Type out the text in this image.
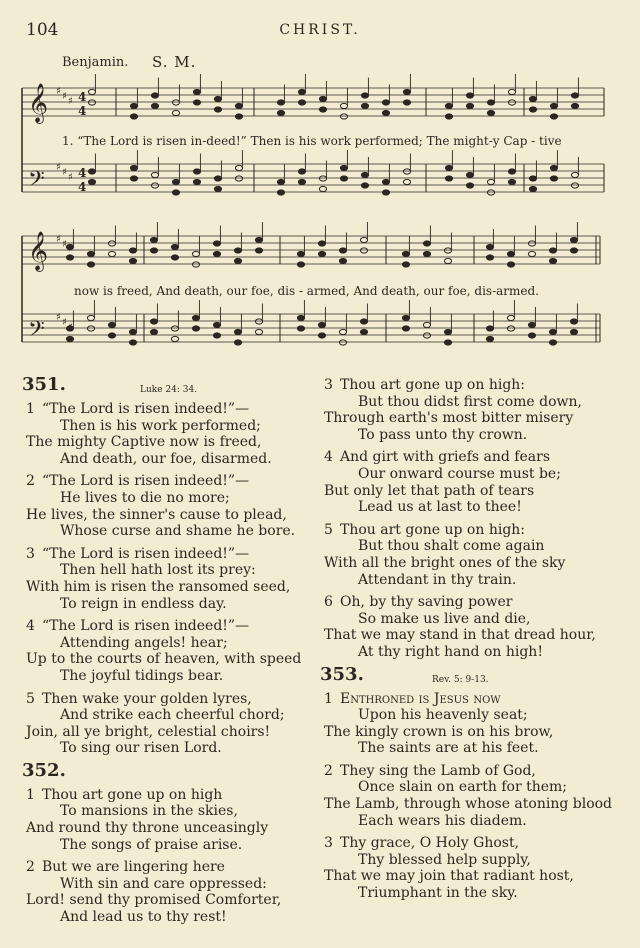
104	CHRIST.
Benjamin. S. M.
𝄞 ♯ ♯ ♯ 4
4
𝄢 ♯ ♯ ♯ 4
4
𝄞 ♯ ♯
𝄢 ♯ ♯
1. “The Lord is risen in-deed!” Then is his work performed; The might-y Cap - tive
now is freed, And death, our foe, dis - armed, And death, our foe, dis-armed.
351.	Luke 24: 34.
1 “The Lord is risen indeed!”—
Then is his work performed;
The mighty Captive now is freed,
And death, our foe, disarmed.
2 “The Lord is risen indeed!”—
He lives to die no more;
He lives, the sinner's cause to plead,
Whose curse and shame he bore.
3 “The Lord is risen indeed!”—
Then hell hath lost its prey:
With him is risen the ransomed seed,
To reign in endless day.
4 “The Lord is risen indeed!”—
Attending angels! hear;
Up to the courts of heaven, with speed
The joyful tidings bear.
5 Then wake your golden lyres,
And strike each cheerful chord;
Join, all ye bright, celestial choirs!
To sing our risen Lord.
352.
1 Thou art gone up on high
To mansions in the skies,
And round thy throne unceasingly
The songs of praise arise.
2 But we are lingering here
With sin and care oppressed:
Lord! send thy promised Comforter,
And lead us to thy rest!
3 Thou art gone up on high:
But thou didst first come down,
Through earth's most bitter misery
To pass unto thy crown.
4 And girt with griefs and fears
Our onward course must be;
But only let that path of tears
Lead us at last to thee!
5 Thou art gone up on high:
But thou shalt come again
With all the bright ones of the sky
Attendant in thy train.
6 Oh, by thy saving power
So make us live and die,
That we may stand in that dread hour,
At thy right hand on high!
353.	Rev. 5: 9-13.
1 Enthroned is Jesus now
Upon his heavenly seat;
The kingly crown is on his brow,
The saints are at his feet.
2 They sing the Lamb of God,
Once slain on earth for them;
The Lamb, through whose atoning blood
Each wears his diadem.
3 Thy grace, O Holy Ghost,
Thy blessed help supply,
That we may join that radiant host,
Triumphant in the sky.
